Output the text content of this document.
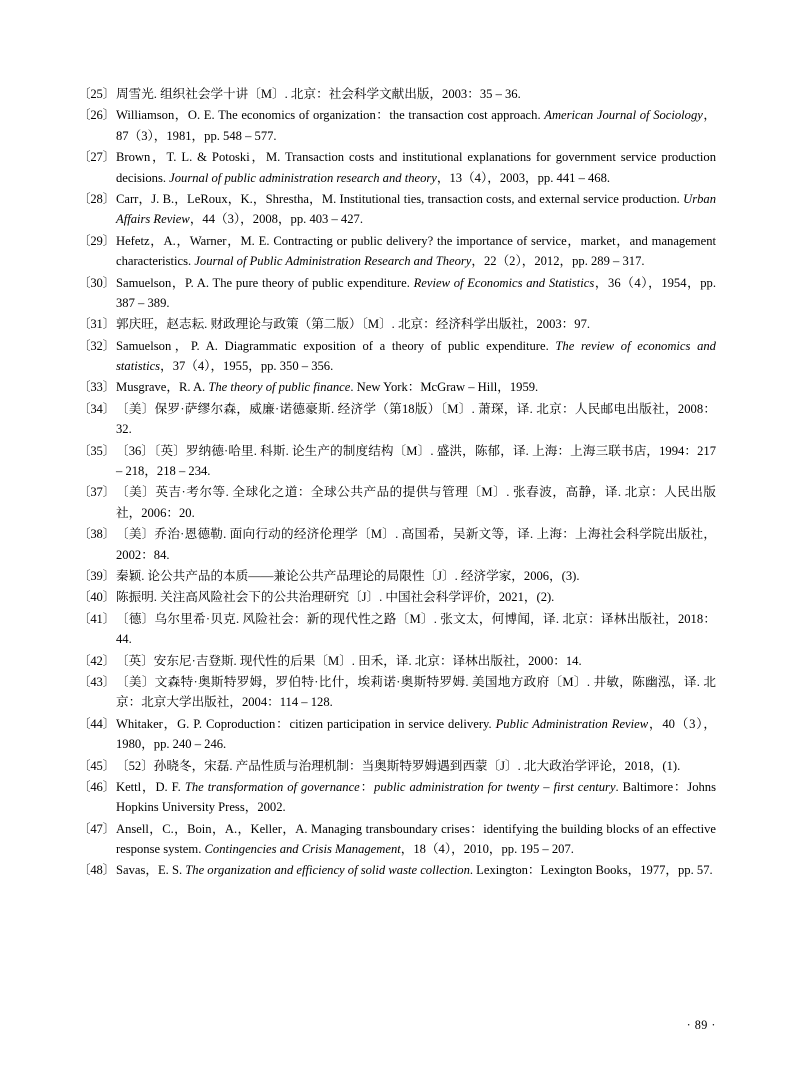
〔25〕 周雪光. 组织社会学十讲〔M〕. 北京：社会科学文献出版，2003：35 – 36.
〔26〕 Williamson，O. E. The economics of organization：the transaction cost approach. American Journal of Sociology，87（3），1981，pp. 548 – 577.
〔27〕 Brown，T. L. & Potoski，M. Transaction costs and institutional explanations for government service production decisions. Journal of public administration research and theory，13（4），2003，pp. 441 – 468.
〔28〕 Carr，J. B.，LeRoux，K.，Shrestha，M. Institutional ties, transaction costs, and external service production. Urban Affairs Review，44（3），2008，pp. 403 – 427.
〔29〕 Hefetz，A.，Warner，M. E. Contracting or public delivery? the importance of service，market，and management characteristics. Journal of Public Administration Research and Theory，22（2），2012，pp. 289 – 317.
〔30〕 Samuelson，P. A. The pure theory of public expenditure. Review of Economics and Statistics，36（4），1954，pp. 387 – 389.
〔31〕 郭庆旺，赵志耘. 财政理论与政策（第二版）〔M〕. 北京：经济科学出版社，2003：97.
〔32〕 Samuelson，P. A. Diagrammatic exposition of a theory of public expenditure. The review of economics and statistics，37（4），1955，pp. 350 – 356.
〔33〕 Musgrave，R. A. The theory of public finance. New York：McGraw – Hill，1959.
〔34〕 〔美〕保罗·萨缪尔森，威廉·诺德豪斯. 经济学（第18版）〔M〕. 萧琛，译. 北京：人民邮电出版社，2008：32.
〔35〕 〔36〕〔英〕罗纳德·哈里. 科斯. 论生产的制度结构〔M〕. 盛洪，陈郁，译. 上海：上海三联书店，1994：217 – 218，218 – 234.
〔37〕 〔美〕英吉·考尔等. 全球化之道：全球公共产品的提供与管理〔M〕. 张春波，高静，译. 北京：人民出版社，2006：20.
〔38〕 〔美〕乔治·恩德勒. 面向行动的经济伦理学〔M〕. 高国希，吴新文等，译. 上海：上海社会科学院出版社，2002：84.
〔39〕 秦颖. 论公共产品的本质——兼论公共产品理论的局限性〔J〕. 经济学家，2006，(3).
〔40〕 陈振明. 关注高风险社会下的公共治理研究〔J〕. 中国社会科学评价，2021，(2).
〔41〕 〔德〕乌尔里希·贝克. 风险社会：新的现代性之路〔M〕. 张文太，何博闻，译. 北京：译林出版社，2018：44.
〔42〕 〔英〕安东尼·吉登斯. 现代性的后果〔M〕. 田禾，译. 北京：译林出版社，2000：14.
〔43〕 〔美〕文森特·奥斯特罗姆，罗伯特·比什，埃莉诺·奥斯特罗姆. 美国地方政府〔M〕. 井敏，陈幽泓，译. 北京：北京大学出版社，2004：114 – 128.
〔44〕 Whitaker，G. P. Coproduction：citizen participation in service delivery. Public Administration Review，40（3），1980，pp. 240 – 246.
〔45〕 〔52〕孙晓冬，宋磊. 产品性质与治理机制：当奥斯特罗姆遇到西蒙〔J〕. 北大政治学评论，2018，(1).
〔46〕 Kettl，D. F. The transformation of governance：public administration for twenty – first century. Baltimore：Johns Hopkins University Press，2002.
〔47〕 Ansell，C.，Boin，A.，Keller，A. Managing transboundary crises：identifying the building blocks of an effective response system. Contingencies and Crisis Management，18（4），2010，pp. 195 – 207.
〔48〕 Savas，E. S. The organization and efficiency of solid waste collection. Lexington：Lexington Books，1977，pp. 57.
· 89 ·
